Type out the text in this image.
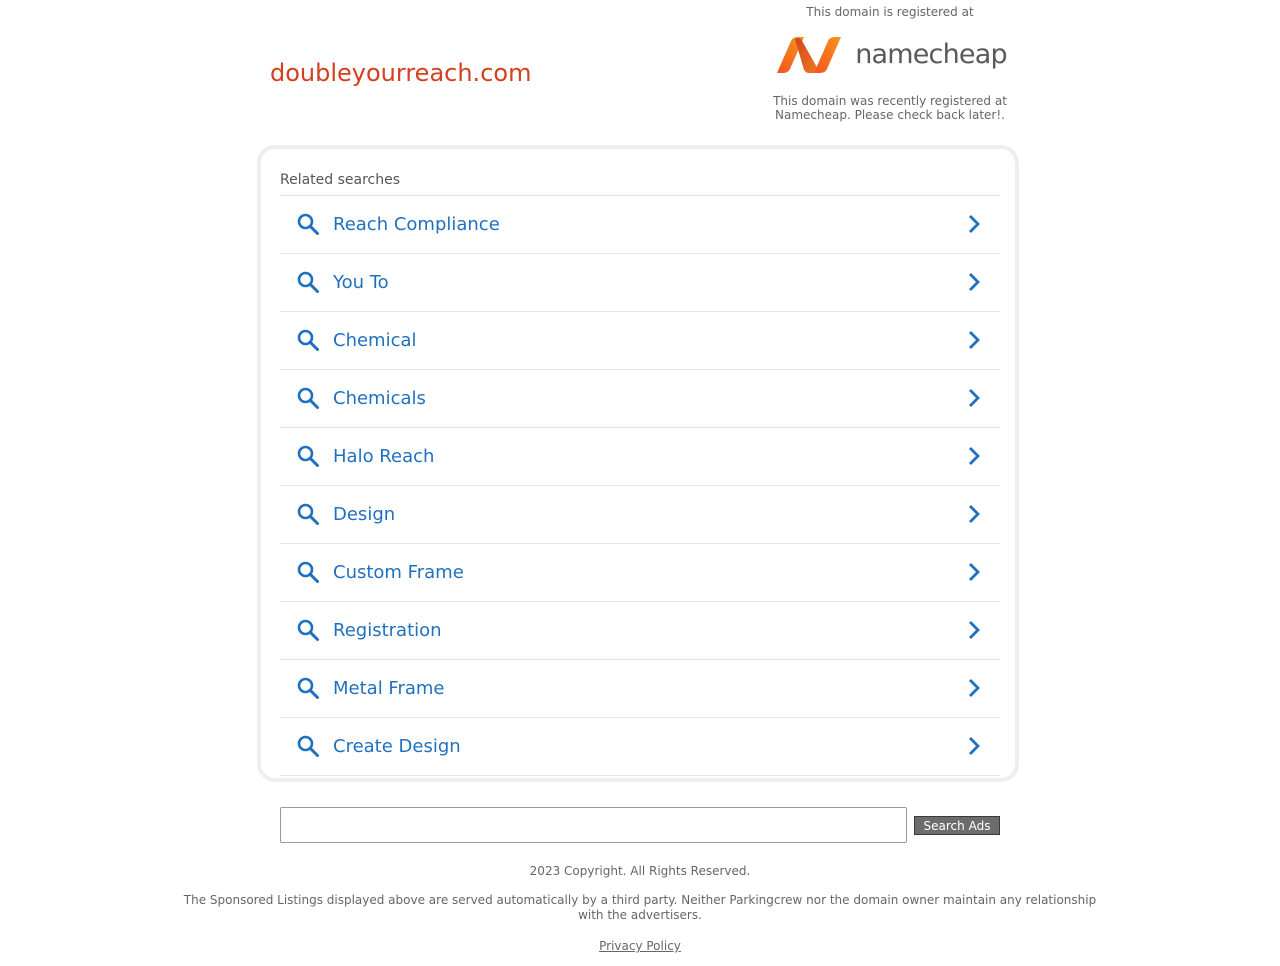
doubleyourreach.com
This domain is registered at
namecheap
This domain was recently registered at Namecheap. Please check back later!.
Related searches
Reach Compliance
You To
Chemical
Chemicals
Halo Reach
Design
Custom Frame
Registration
Metal Frame
Create Design
Search Ads
2023 Copyright. All Rights Reserved.
The Sponsored Listings displayed above are served automatically by a third party. Neither Parkingcrew nor the domain owner maintain any relationship with the advertisers.
Privacy Policy
